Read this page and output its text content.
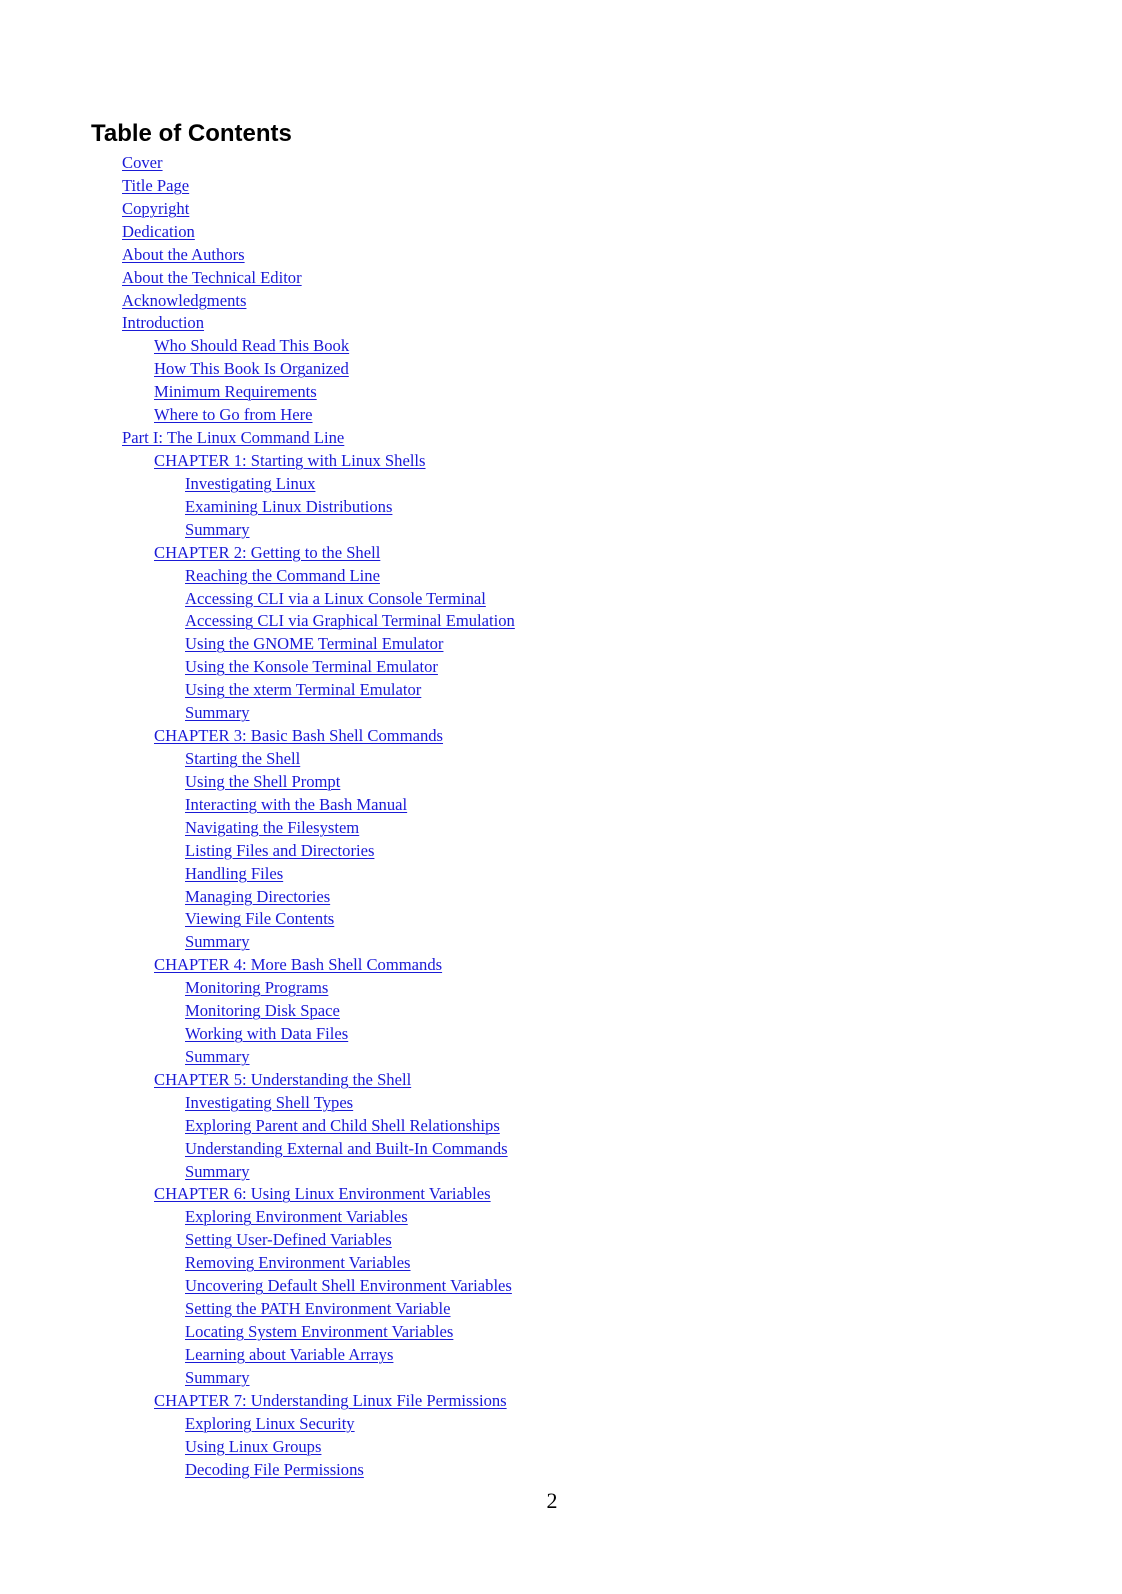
Table of Contents
Cover
Title Page
Copyright
Dedication
About the Authors
About the Technical Editor
Acknowledgments
Introduction
Who Should Read This Book
How This Book Is Organized
Minimum Requirements
Where to Go from Here
Part I: The Linux Command Line
CHAPTER 1: Starting with Linux Shells
Investigating Linux
Examining Linux Distributions
Summary
CHAPTER 2: Getting to the Shell
Reaching the Command Line
Accessing CLI via a Linux Console Terminal
Accessing CLI via Graphical Terminal Emulation
Using the GNOME Terminal Emulator
Using the Konsole Terminal Emulator
Using the xterm Terminal Emulator
Summary
CHAPTER 3: Basic Bash Shell Commands
Starting the Shell
Using the Shell Prompt
Interacting with the Bash Manual
Navigating the Filesystem
Listing Files and Directories
Handling Files
Managing Directories
Viewing File Contents
Summary
CHAPTER 4: More Bash Shell Commands
Monitoring Programs
Monitoring Disk Space
Working with Data Files
Summary
CHAPTER 5: Understanding the Shell
Investigating Shell Types
Exploring Parent and Child Shell Relationships
Understanding External and Built-In Commands
Summary
CHAPTER 6: Using Linux Environment Variables
Exploring Environment Variables
Setting User-Defined Variables
Removing Environment Variables
Uncovering Default Shell Environment Variables
Setting the PATH Environment Variable
Locating System Environment Variables
Learning about Variable Arrays
Summary
CHAPTER 7: Understanding Linux File Permissions
Exploring Linux Security
Using Linux Groups
Decoding File Permissions
2
